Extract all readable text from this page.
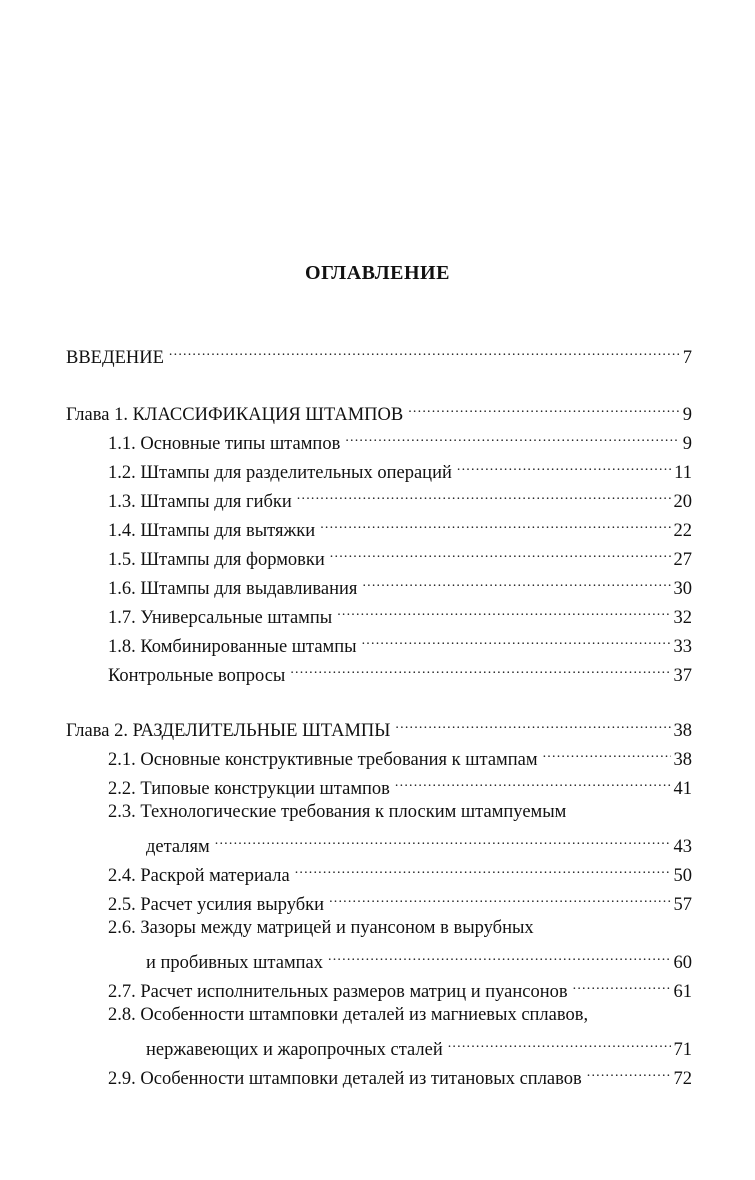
ОГЛАВЛЕНИЕ
ВВЕДЕНИЕ .....	7
Глава 1. КЛАССИФИКАЦИЯ ШТАМПОВ .....	9
1.1. Основные типы штампов .....	9
1.2. Штампы для разделительных операций .....	11
1.3. Штампы для гибки .....	20
1.4. Штампы для вытяжки .....	22
1.5. Штампы для формовки .....	27
1.6. Штампы для выдавливания .....	30
1.7. Универсальные штампы .....	32
1.8. Комбинированные штампы .....	33
Контрольные вопросы .....	37
Глава 2. РАЗДЕЛИТЕЛЬНЫЕ ШТАМПЫ .....	38
2.1. Основные конструктивные требования к штампам .....	38
2.2. Типовые конструкции штампов .....	41
2.3. Технологические требования к плоским штампуемым
деталям .....	43
2.4. Раскрой материала .....	50
2.5. Расчет усилия вырубки .....	57
2.6. Зазоры между матрицей и пуансоном в вырубных
и пробивных штампах .....	60
2.7. Расчет исполнительных размеров матриц и пуансонов .....	61
2.8. Особенности штамповки деталей из магниевых сплавов,
нержавеющих и жаропрочных сталей .....	71
2.9. Особенности штамповки деталей из титановых сплавов .....	72
